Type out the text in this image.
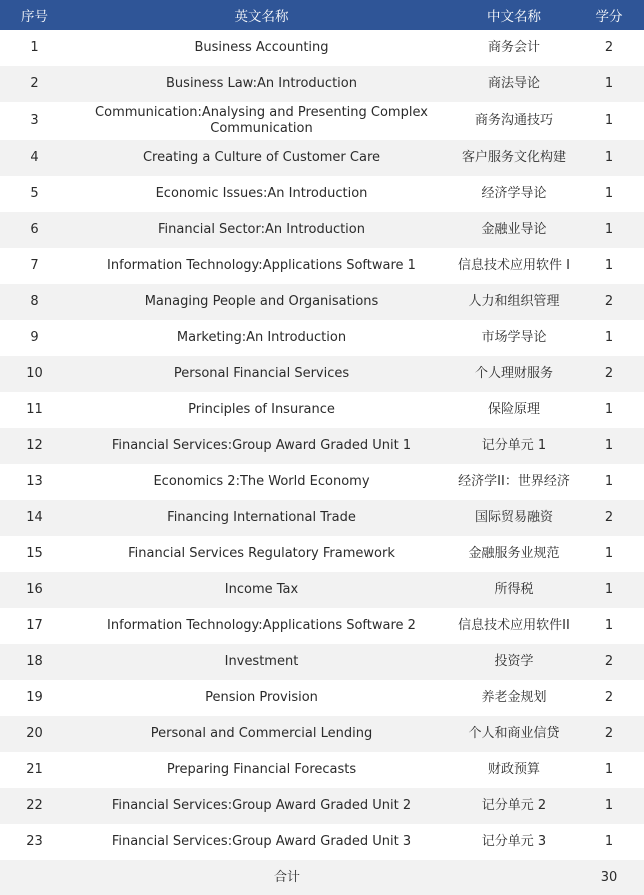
序号	英文名称	中文名称	学分
1	Business Accounting	商务会计	2
2	Business Law:An Introduction	商法导论	1
3	Communication:Analysing and Presenting Complex Communication	商务沟通技巧	1
4	Creating a Culture of Customer Care	客户服务文化构建	1
5	Economic Issues:An Introduction	经济学导论	1
6	Financial Sector:An Introduction	金融业导论	1
7	Information Technology:Applications Software 1	信息技术应用软件 I	1
8	Managing People and Organisations	人力和组织管理	2
9	Marketing:An Introduction	市场学导论	1
10	Personal Financial Services	个人理财服务	2
11	Principles of Insurance	保险原理	1
12	Financial Services:Group Award Graded Unit 1	记分单元 1	1
13	Economics 2:The World Economy	经济学II：世界经济	1
14	Financing International Trade	国际贸易融资	2
15	Financial Services Regulatory Framework	金融服务业规范	1
16	Income Tax	所得税	1
17	Information Technology:Applications Software 2	信息技术应用软件II	1
18	Investment	投资学	2
19	Pension Provision	养老金规划	2
20	Personal and Commercial Lending	个人和商业信贷	2
21	Preparing Financial Forecasts	财政预算	1
22	Financial Services:Group Award Graded Unit 2	记分单元 2	1
23	Financial Services:Group Award Graded Unit 3	记分单元 3	1
合计			30
